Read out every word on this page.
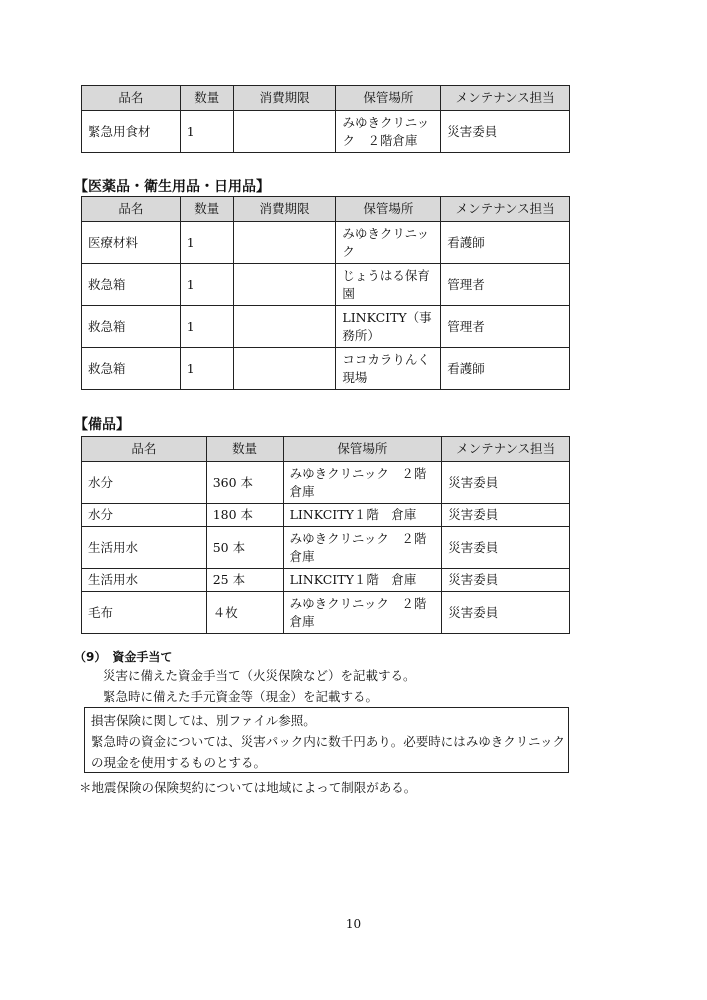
品名	数量	消費期限	保管場所	メンテナンス担当
緊急用食材	1		みゆきクリニック　２階倉庫	災害委員
【医薬品・衛生用品・日用品】
品名	数量	消費期限	保管場所	メンテナンス担当
医療材料	1		みゆきクリニック	看護師
救急箱	1		じょうはる保育園	管理者
救急箱	1		LINKCITY（事務所）	管理者
救急箱	1		ココカラりんく現場	看護師
【備品】
品名	数量	保管場所	メンテナンス担当
水分	360 本	みゆきクリニック　２階　倉庫	災害委員
水分	180 本	LINKCITY１階　倉庫	災害委員
生活用水	50 本	みゆきクリニック　２階　倉庫	災害委員
生活用水	25 本	LINKCITY１階　倉庫	災害委員
毛布	４枚	みゆきクリニック　２階　倉庫	災害委員
（9）　資金手当て
災害に備えた資金手当て（火災保険など）を記載する。
緊急時に備えた手元資金等（現金）を記載する。
損害保険に関しては、別ファイル参照。
緊急時の資金については、災害パック内に数千円あり。必要時にはみゆきクリニック
の現金を使用するものとする。
＊地震保険の保険契約については地域によって制限がある。
10
